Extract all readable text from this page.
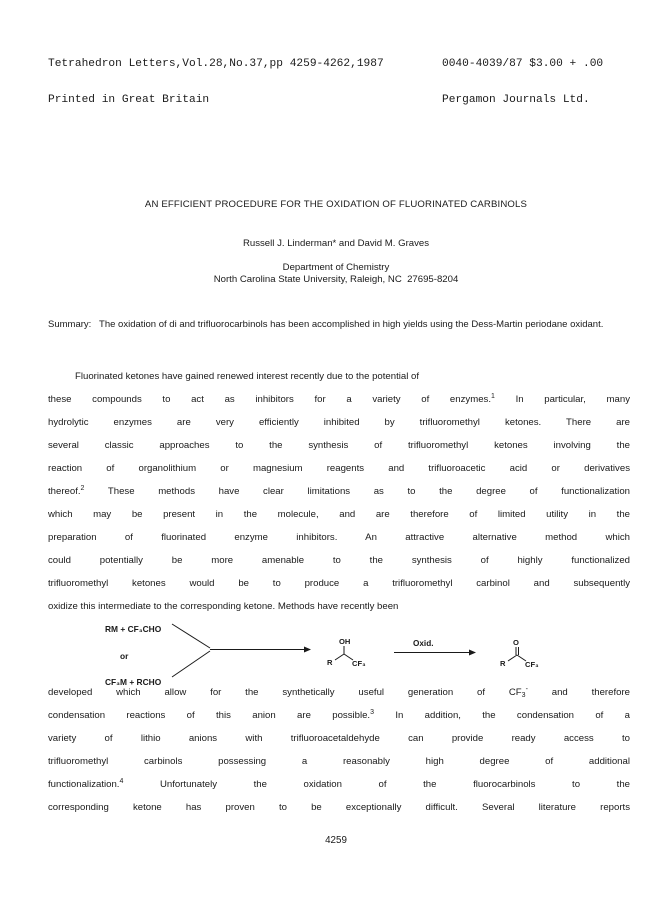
Tetrahedron Letters,Vol.28,No.37,pp 4259-4262,1987

Printed in Great Britain

0040-4039/87 $3.00 + .00

Pergamon Journals Ltd.

AN EFFICIENT PROCEDURE FOR THE OXIDATION OF FLUORINATED CARBINOLS
Russell J. Linderman* and David M. Graves
Department of Chemistry
North Carolina State University, Raleigh, NC  27695-8204
Summary: The oxidation of di and trifluorocarbinols has been accomplished in high yields using the Dess-Martin periodane oxidant.
Fluorinated ketones have gained renewed interest recently due to the potential of
these compounds to act as inhibitors for a variety of enzymes.$^1$ In particular, many
hydrolytic enzymes are very efficiently inhibited by trifluoromethyl ketones. There are
several classic approaches to the synthesis of trifluoromethyl ketones involving the
reaction of organolithium or magnesium reagents and trifluoroacetic acid or derivatives
thereof.$^2$ These methods have clear limitations as to the degree of functionalization
which may be present in the molecule, and are therefore of limited utility in the
preparation of fluorinated enzyme inhibitors. An attractive alternative method which
could potentially be more amenable to the synthesis of highly functionalized
trifluoromethyl ketones would be to produce a trifluoromethyl carbinol and subsequently
oxidize this intermediate to the corresponding ketone. Methods have recently been
developed which allow for the synthetically useful generation of $CF_3^-$ and therefore
condensation reactions of this anion are possible.$^3$ In addition, the condensation of a
variety of lithio anions with trifluoroacetaldehyde can provide ready access to
trifluoromethyl carbinols possessing a reasonably high degree of additional
functionalization.$^4$ Unfortunately the oxidation of the fluorocarbinols to the
corresponding ketone has proven to be exceptionally difficult. Several literature reports
RM + CF₃CHO
or
CF₃M + RCHO
Oxid.
OH
R	CF₃
O
R	CF₃
4259
